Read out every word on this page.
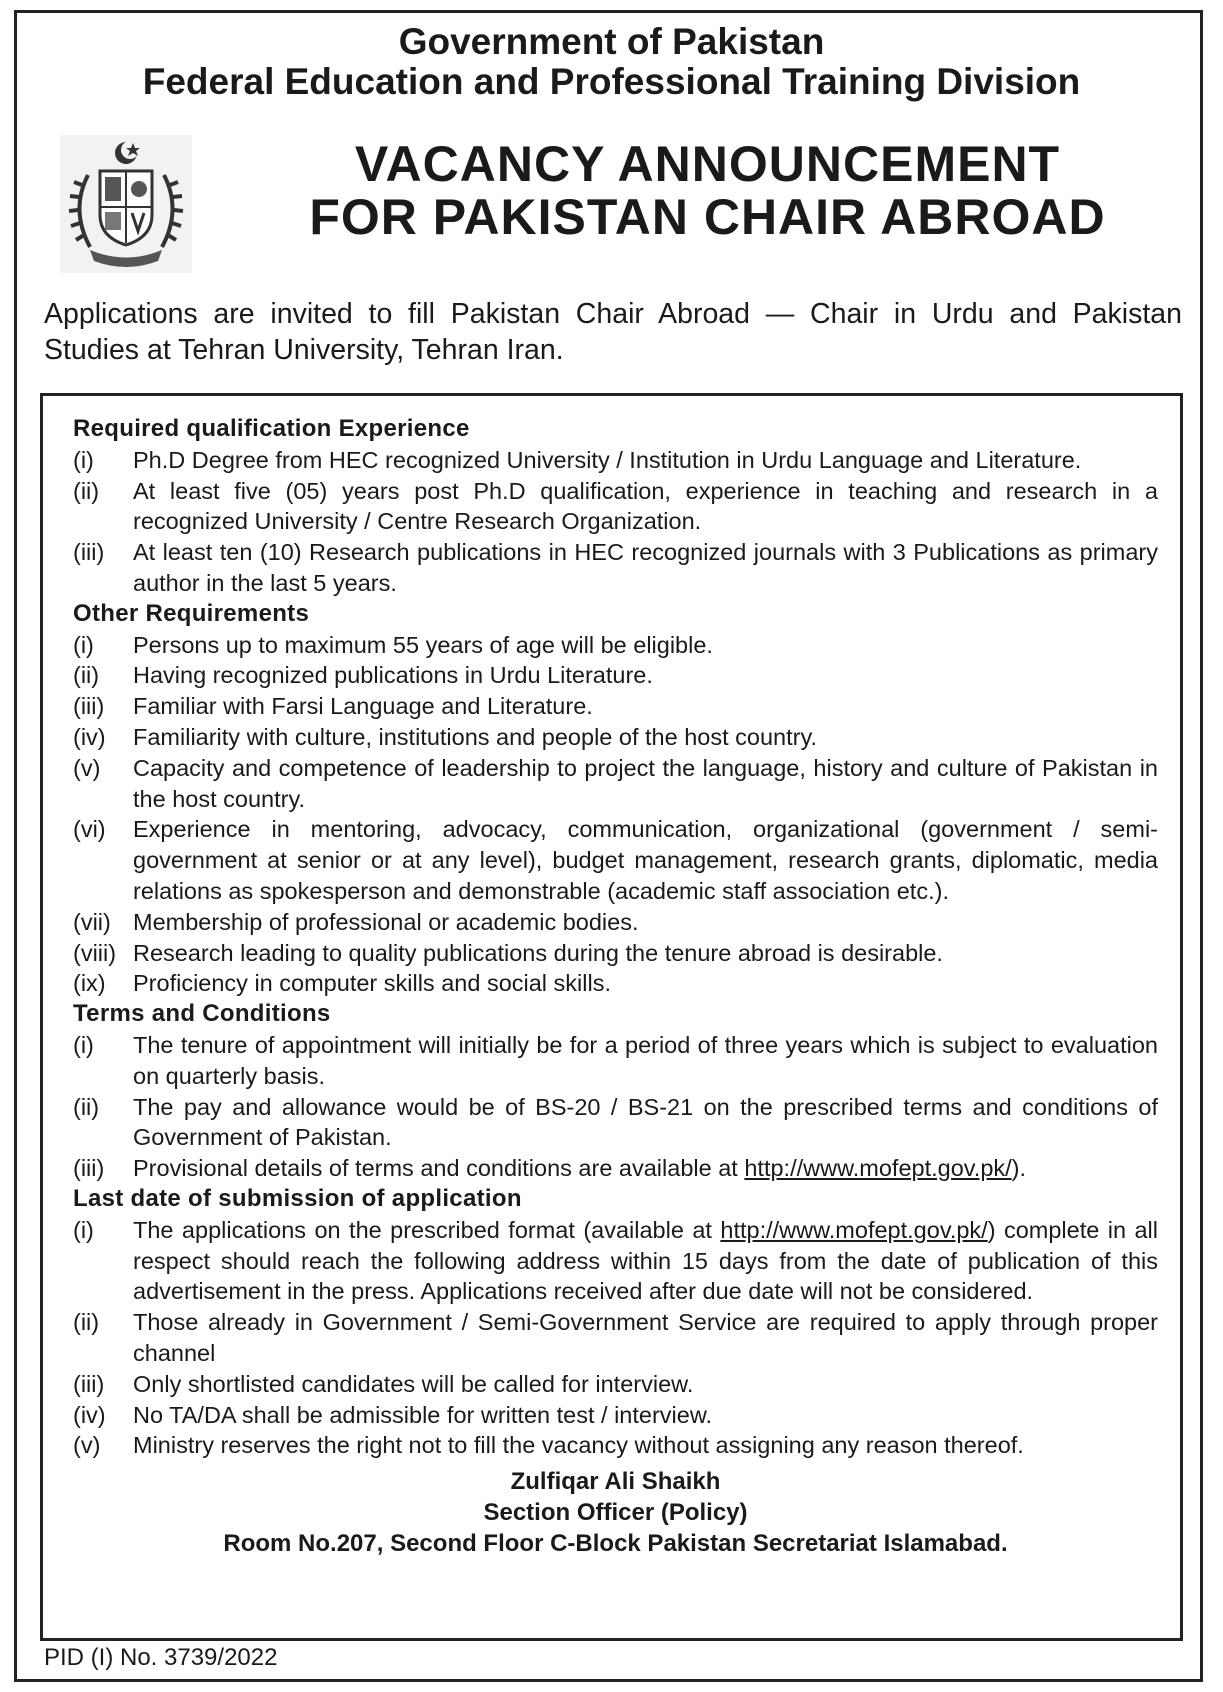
Government of Pakistan
Federal Education and Professional Training Division
VACANCY ANNOUNCEMENT
FOR PAKISTAN CHAIR ABROAD

Applications are invited to fill Pakistan Chair Abroad — Chair in Urdu and Pakistan Studies at Tehran University, Tehran Iran.

Required qualification Experience
(i)	Ph.D Degree from HEC recognized University / Institution in Urdu Language and Literature.
(ii)	At least five (05) years post Ph.D qualification, experience in teaching and research in a recognized University / Centre Research Organization.
(iii)	At least ten (10) Research publications in HEC recognized journals with 3 Publications as primary author in the last 5 years.
Other Requirements
(i)	Persons up to maximum 55 years of age will be eligible.
(ii)	Having recognized publications in Urdu Literature.
(iii)	Familiar with Farsi Language and Literature.
(iv)	Familiarity with culture, institutions and people of the host country.
(v)	Capacity and competence of leadership to project the language, history and culture of Pakistan in the host country.
(vi)	Experience in mentoring, advocacy, communication, organizational (government / semi-government at senior or at any level), budget management, research grants, diplomatic, media relations as spokesperson and demonstrable (academic staff association etc.).
(vii) Membership of professional or academic bodies.
(viii) Research leading to quality publications during the tenure abroad is desirable.
(ix)	Proficiency in computer skills and social skills.
Terms and Conditions
(i)	The tenure of appointment will initially be for a period of three years which is subject to evaluation on quarterly basis.
(ii)	The pay and allowance would be of BS-20 / BS-21 on the prescribed terms and conditions of Government of Pakistan.
(iii)	Provisional details of terms and conditions are available at http://www.mofept.gov.pk/).
Last date of submission of application
(i)	The applications on the prescribed format (available at http://www.mofept.gov.pk/) complete in all respect should reach the following address within 15 days from the date of publication of this advertisement in the press. Applications received after due date will not be considered.
(ii)	Those already in Government / Semi-Government Service are required to apply through proper channel
(iii)	Only shortlisted candidates will be called for interview.
(iv)	No TA/DA shall be admissible for written test / interview.
(v)	Ministry reserves the right not to fill the vacancy without assigning any reason thereof.
Zulfiqar Ali Shaikh
Section Officer (Policy)
Room No.207, Second Floor C-Block Pakistan Secretariat Islamabad.
PID (I) No. 3739/2022
